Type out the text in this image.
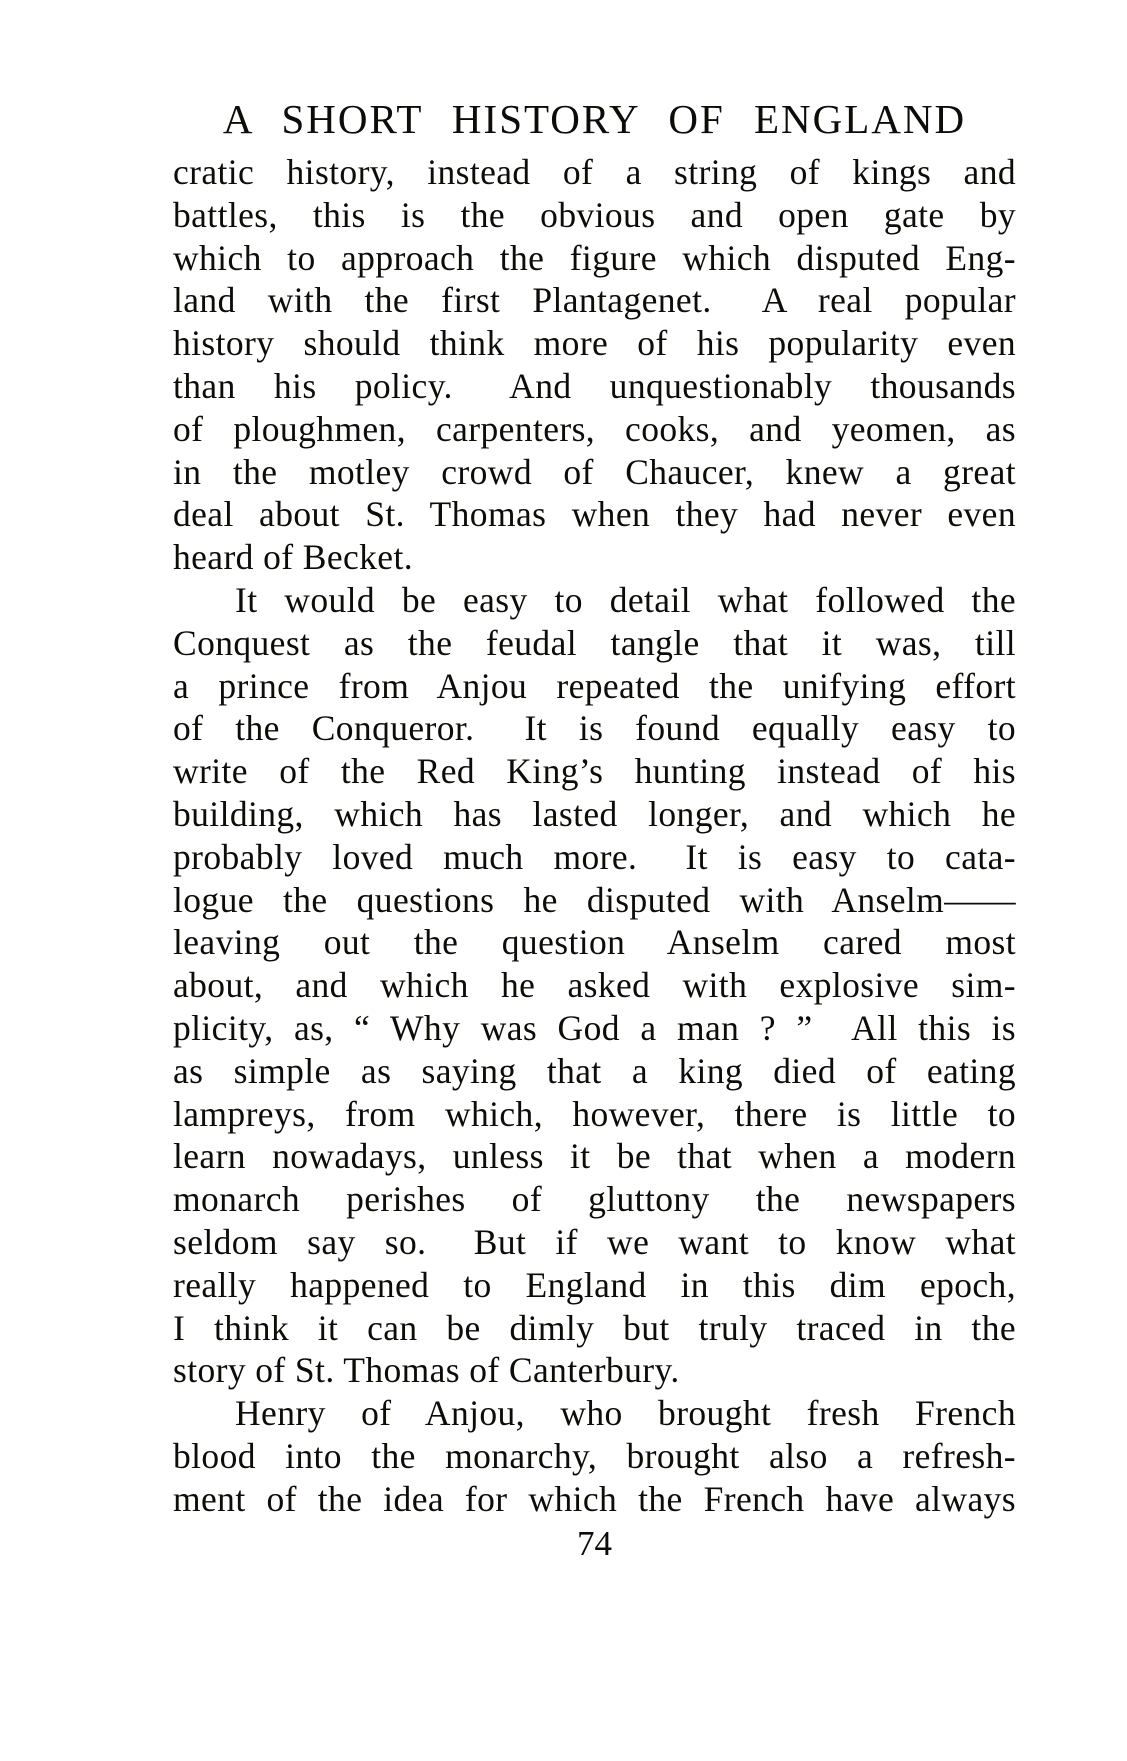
A SHORT HISTORY OF ENGLAND
cratic history, instead of a string of kings and
battles, this is the obvious and open gate by
which to approach the figure which disputed Eng-
land with the first Plantagenet.  A real popular
history should think more of his popularity even
than his policy.  And unquestionably thousands
of ploughmen, carpenters, cooks, and yeomen, as
in the motley crowd of Chaucer, knew a great
deal about St. Thomas when they had never even
heard of Becket.
It would be easy to detail what followed the
Conquest as the feudal tangle that it was, till
a prince from Anjou repeated the unifying effort
of the Conqueror.  It is found equally easy to
write of the Red King’s hunting instead of his
building, which has lasted longer, and which he
probably loved much more.  It is easy to cata-
logue the questions he disputed with Anselm——
leaving out the question Anselm cared most
about, and which he asked with explosive sim-
plicity, as, “ Why was God a man ? ”  All this is
as simple as saying that a king died of eating
lampreys, from which, however, there is little to
learn nowadays, unless it be that when a modern
monarch perishes of gluttony the newspapers
seldom say so.  But if we want to know what
really happened to England in this dim epoch,
I think it can be dimly but truly traced in the
story of St. Thomas of Canterbury.
Henry of Anjou, who brought fresh French
blood into the monarchy, brought also a refresh-
ment of the idea for which the French have always
74
